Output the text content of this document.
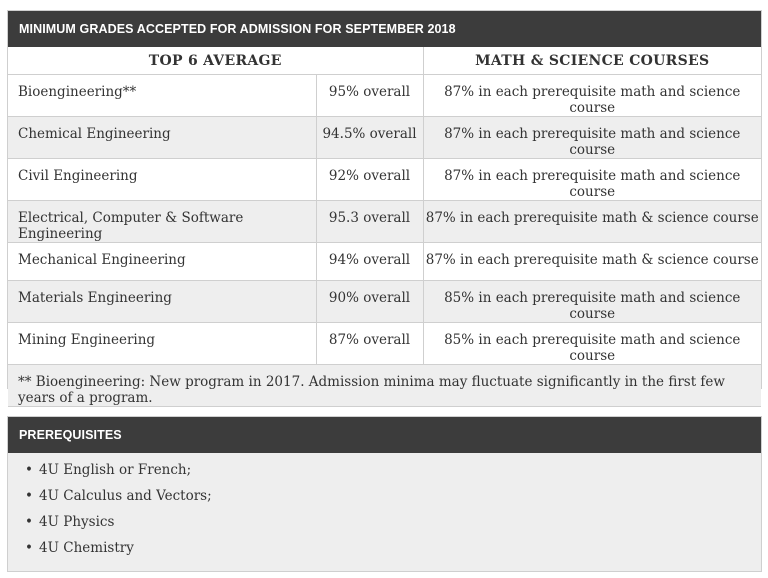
MINIMUM GRADES ACCEPTED FOR ADMISSION FOR SEPTEMBER 2018
TOP 6 AVERAGE		MATH & SCIENCE COURSES
Bioengineering**	95% overall	87% in each prerequisite math and science course
Chemical Engineering	94.5% overall	87% in each prerequisite math and science course
Civil Engineering	92% overall	87% in each prerequisite math and science course
Electrical, Computer & Software Engineering	95.3 overall	87% in each prerequisite math & science course
Mechanical Engineering	94% overall	87% in each prerequisite math & science course
Materials Engineering	90% overall	85% in each prerequisite math and science course
Mining Engineering	87% overall	85% in each prerequisite math and science course
** Bioengineering: New program in 2017. Admission minima may fluctuate significantly in the first few years of a program.		
PREREQUISITES
• 4U English or French;
• 4U Calculus and Vectors;
• 4U Physics
• 4U Chemistry
